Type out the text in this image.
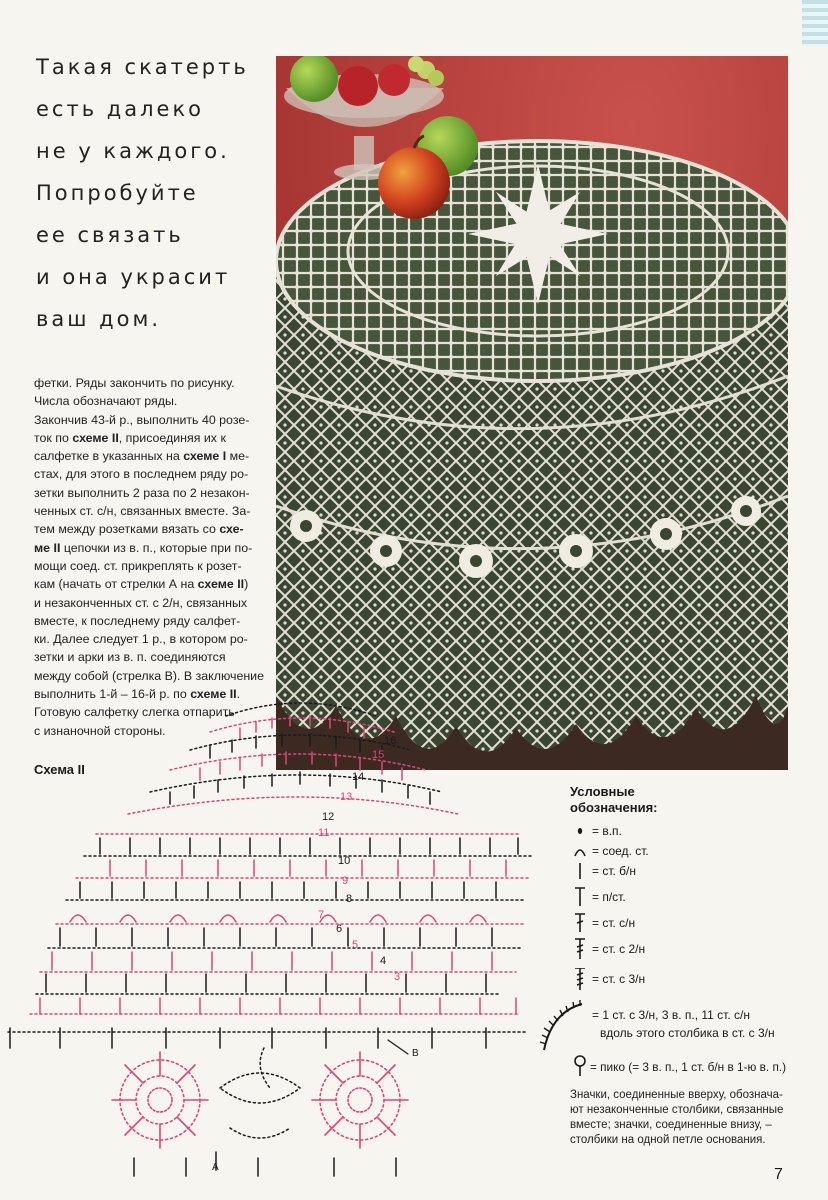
Такая скатерть
есть далеко
не у каждого.
Попробуйте
ее связать
и она украсит
ваш дом.
фетки. Ряды закончить по рисунку.
Числа обозначают ряды.
Закончив 43-й р., выполнить 40 розе-
ток по схеме II, присоединяя их к
салфетке в указанных на схеме I ме-
стах, для этого в последнем ряду ро-
зетки выполнить 2 раза по 2 незакон-
ченных ст. с/н, связанных вместе. За-
тем между розетками вязать со схе-
ме II цепочки из в. п., которые при по-
мощи соед. ст. прикреплять к розет-
кам (начать от стрелки А на схеме II)
и незаконченных ст. с 2/н, связанных
вместе, к последнему ряду салфет-
ки. Далее следует 1 р., в котором ро-
зетки и арки из в. п. соединяются
между собой (стрелка В). В заключение
выполнить 1-й – 16-й р. по схеме II.
Готовую салфетку слегка отпарить
с изнаночной стороны.
Схема II
16
15
14
13
12
11
10
9
8
7
6
5
4
3
А
В
Условные
обозначения:
= в.п.
= соед. ст.
= ст. б/н
= п/ст.
= ст. с/н
= ст. с 2/н
= ст. с 3/н
= 1 ст. с 3/н, 3 в. п., 11 ст. с/н
вдоль этого столбика в ст. с 3/н
= пико (= 3 в. п., 1 ст. б/н в 1-ю в. п.)
Значки, соединенные вверху, обознача-ют незаконченные столбики, связанные вместе; значки, соединенные внизу, – столбики на одной петле основания.
7
